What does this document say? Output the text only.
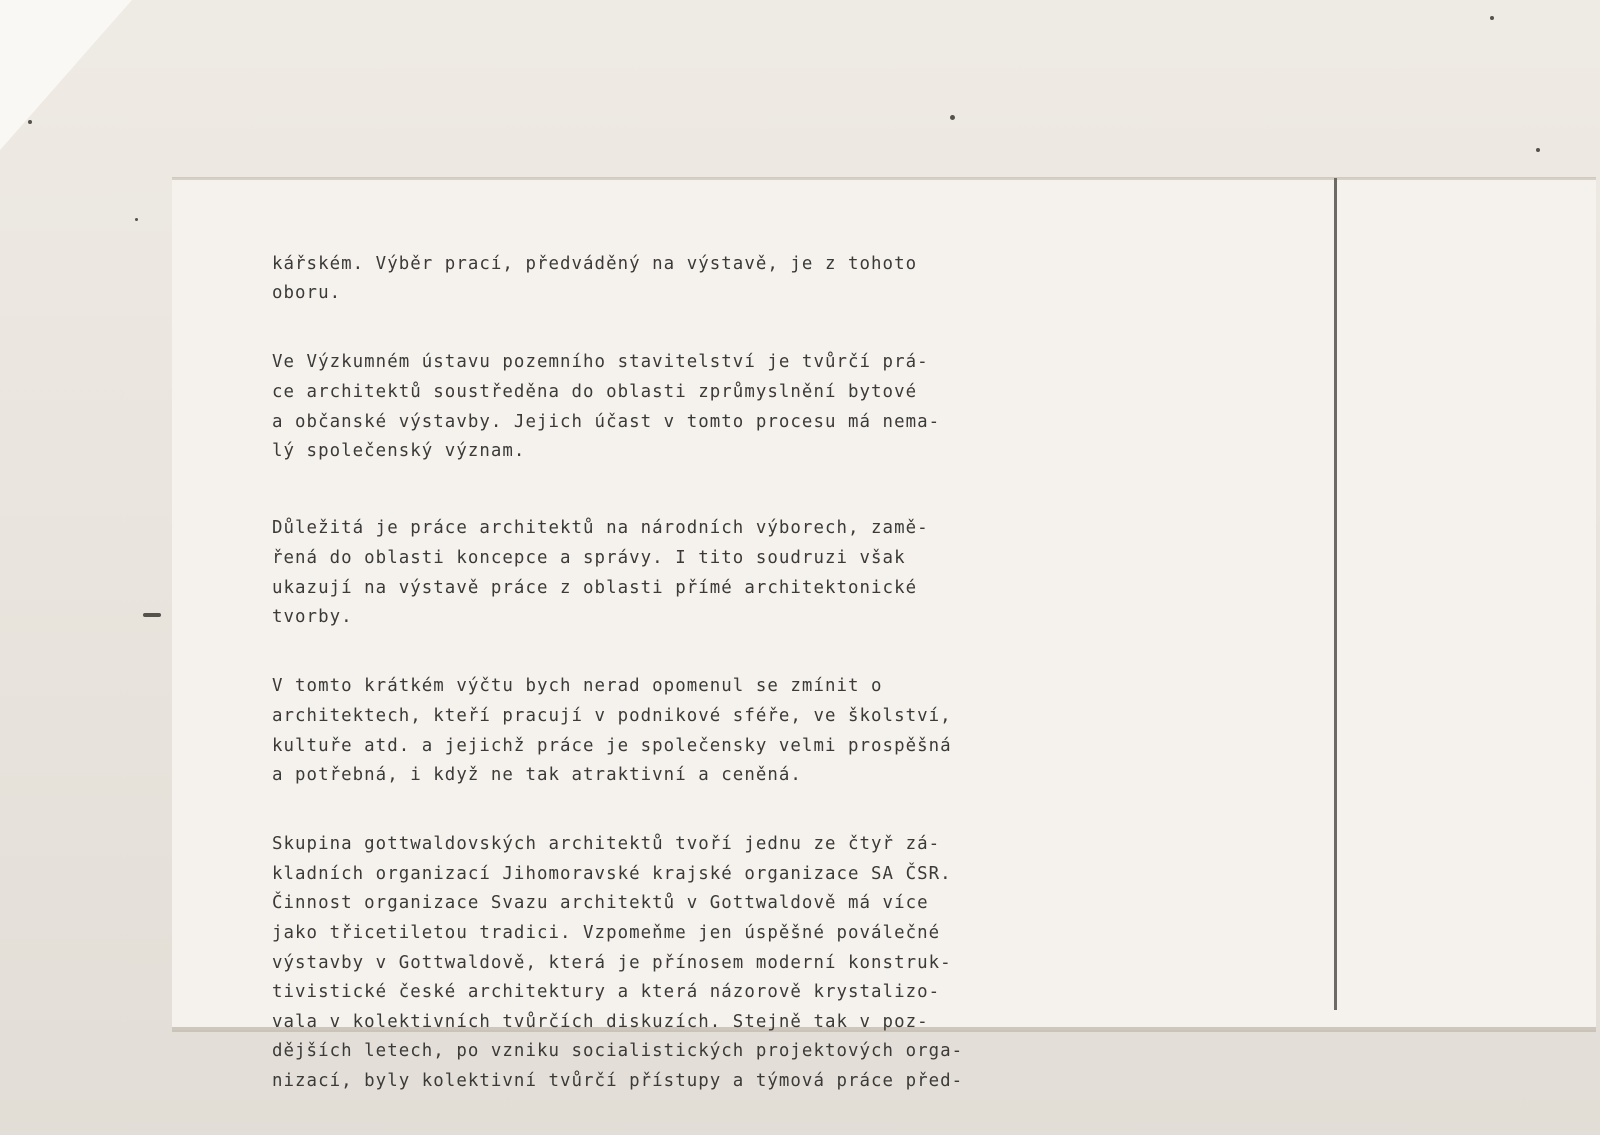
kářském. Výběr prací, předváděný na výstavě, je z tohoto
oboru.

Ve Výzkumném ústavu pozemního stavitelství je tvůrčí prá-
ce architektů soustředěna do oblasti zprůmyslnění bytové
a občanské výstavby. Jejich účast v tomto procesu má nema-
lý společenský význam.

Důležitá je práce architektů na národních výborech, zamě-
řená do oblasti koncepce a správy. I tito soudruzi však
ukazují na výstavě práce z oblasti přímé architektonické
tvorby.

V tomto krátkém výčtu bych nerad opomenul se zmínit o
architektech, kteří pracují v podnikové sféře, ve školství,
kultuře atd. a jejichž práce je společensky velmi prospěšná
a potřebná, i když ne tak atraktivní a ceněná.

Skupina gottwaldovských architektů tvoří jednu ze čtyř zá-
kladních organizací Jihomoravské krajské organizace SA ČSR.
Činnost organizace Svazu architektů v Gottwaldově má více
jako třicetiletou tradici. Vzpomeňme jen úspěšné poválečné
výstavby v Gottwaldově, která je přínosem moderní konstruk-
tivistické české architektury a která názorově krystalizo-
vala v kolektivních tvůrčích diskuzích. Stejně tak v poz-
dějších letech, po vzniku socialistických projektových orga-
nizací, byly kolektivní tvůrčí přístupy a týmová práce před-
